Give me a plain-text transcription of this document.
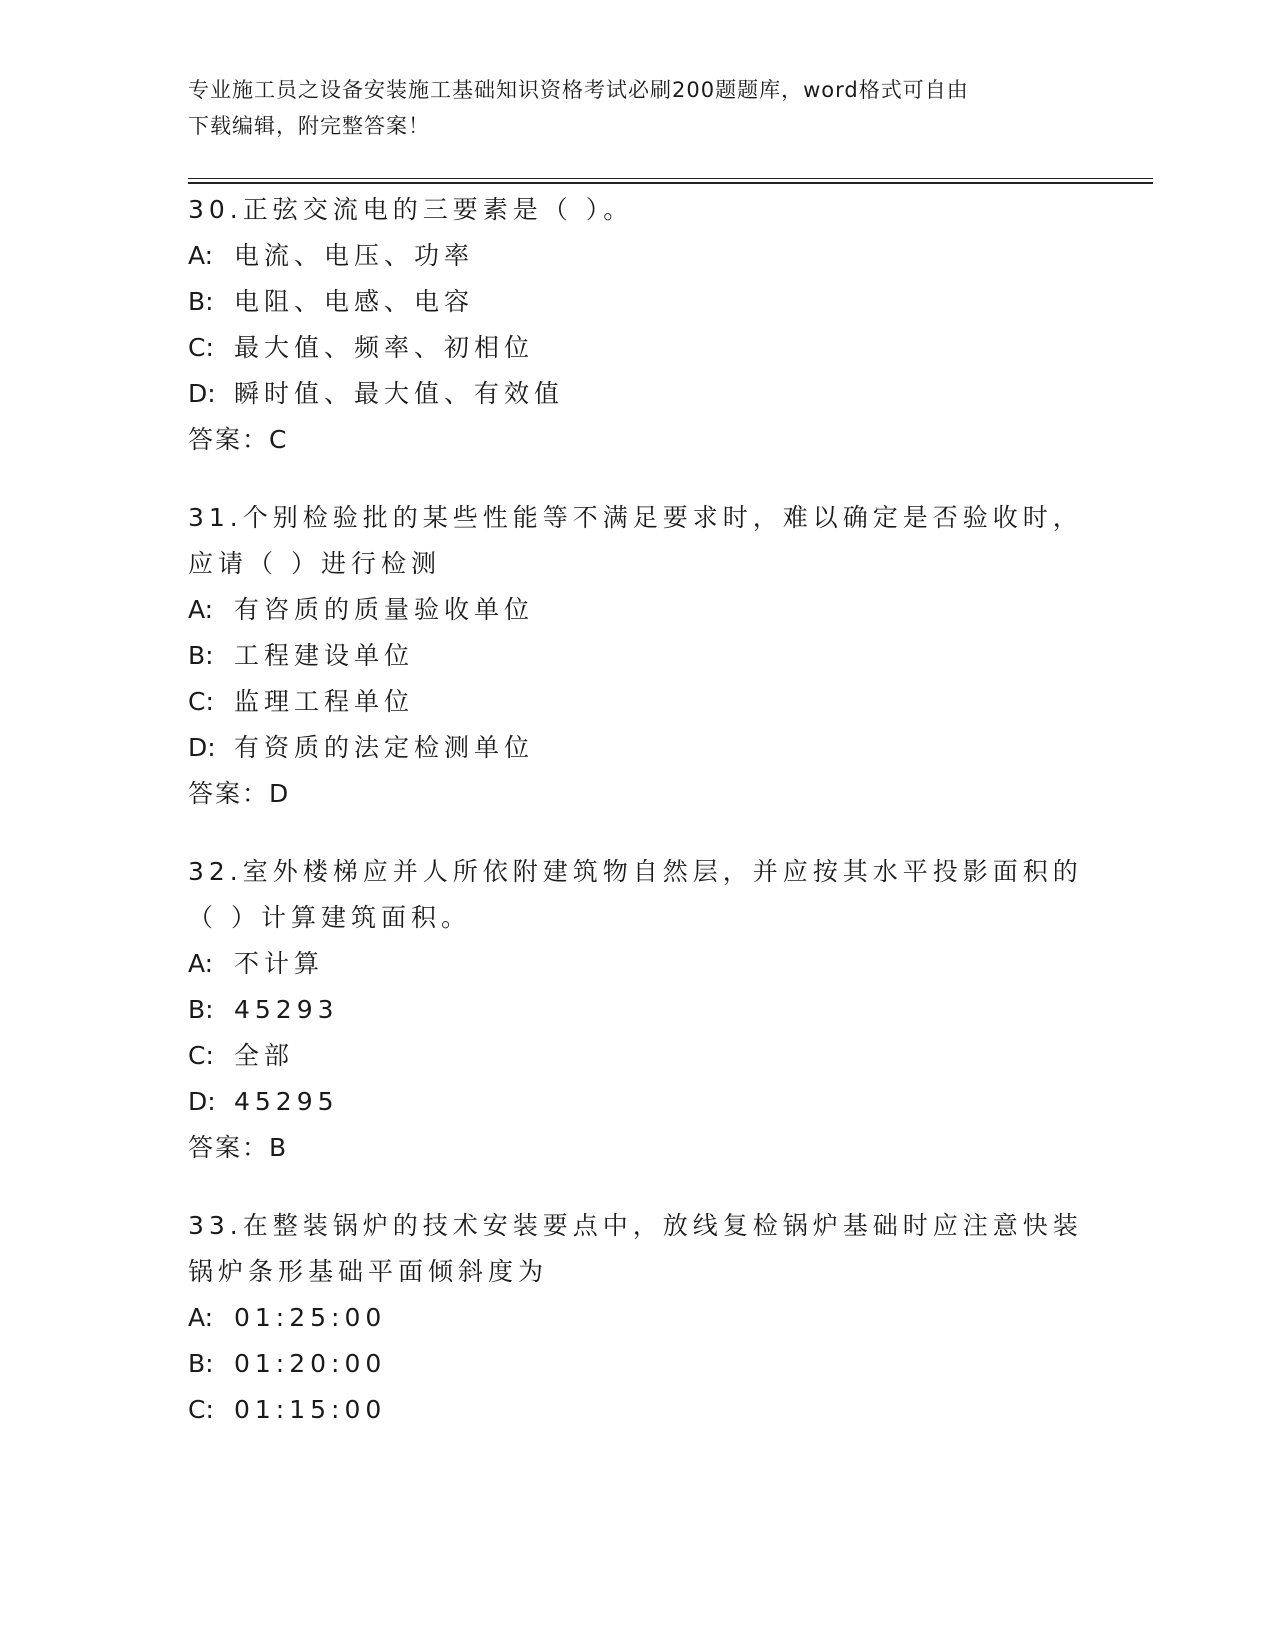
专业施工员之设备安装施工基础知识资格考试必刷200题题库，word格式可自由
下载编辑，附完整答案！
30.正弦交流电的三要素是（ ）。
A: 电流、电压、功率
B: 电阻、电感、电容
C: 最大值、频率、初相位
D: 瞬时值、最大值、有效值
答案：C
31.个别检验批的某些性能等不满足要求时，难以确定是否验收时，应请（ ）进行检测
A: 有咨质的质量验收单位
B: 工程建设单位
C: 监理工程单位
D: 有资质的法定检测单位
答案：D
32.室外楼梯应并人所依附建筑物自然层，并应按其水平投影面积的（ ）计算建筑面积。
A: 不计算
B: 45293
C: 全部
D: 45295
答案：B
33.在整装锅炉的技术安装要点中，放线复检锅炉基础时应注意快装锅炉条形基础平面倾斜度为
A: 01:25:00
B: 01:20:00
C: 01:15:00
